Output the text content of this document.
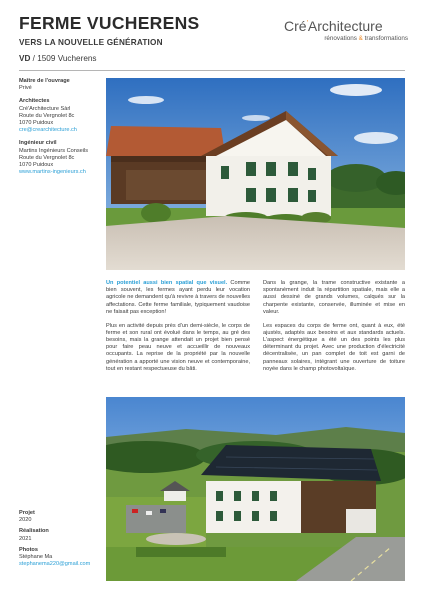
FERME VUCHERENS
VERS LA NOUVELLE GÉNÉRATION
VD / 1509 Vucherens
Cré'Architecture
rénovations & transformations
Maître de l'ouvrage
Privé
Architectes
Cré'Architecture Sàrl
Route du Vergnolet 8c
1070 Puidoux
cre@crearchitecture.ch
Ingénieur civil
Martins Ingénieurs Conseils
Route du Vergnolet 8c
1070 Puidoux
www.martins-ingenieurs.ch
Projet
2020
Réalisation
2021
Photos
Stéphane Ma
stephanema220@gmail.com

Un potentiel aussi bien spatial que visuel. Comme bien souvent, les fermes ayant perdu leur vocation agricole ne demandent qu'à revivre à travers de nouvelles affectations. Cette ferme familiale, typiquement vaudoise ne faisait pas exception!

Plus en activité depuis près d'un demi-siècle, le corps de ferme et son rural ont évolué dans le temps, au gré des besoins, mais la grange attendait un projet bien pensé pour faire peau neuve et accueillir de nouveaux occupants. La reprise de la propriété par la nouvelle génération a apporté une vision neuve et contemporaine, tout en restant respectueuse du bâti.

Dans la grange, la trame constructive existante a spontanément induit la répartition spatiale, mais elle a aussi dessiné de grands volumes, calqués sur la charpente existante, conservée, illuminée et mise en valeur.

Les espaces du corps de ferme ont, quant à eux, été ajustés, adaptés aux besoins et aux standards actuels. L'aspect énergétique a été un des points les plus déterminant du projet. Avec une production d'électricité décentralisée, un pan complet de toit est garni de panneaux solaires, intégrant une ouverture de toiture noyée dans le champ photovoltaïque.
